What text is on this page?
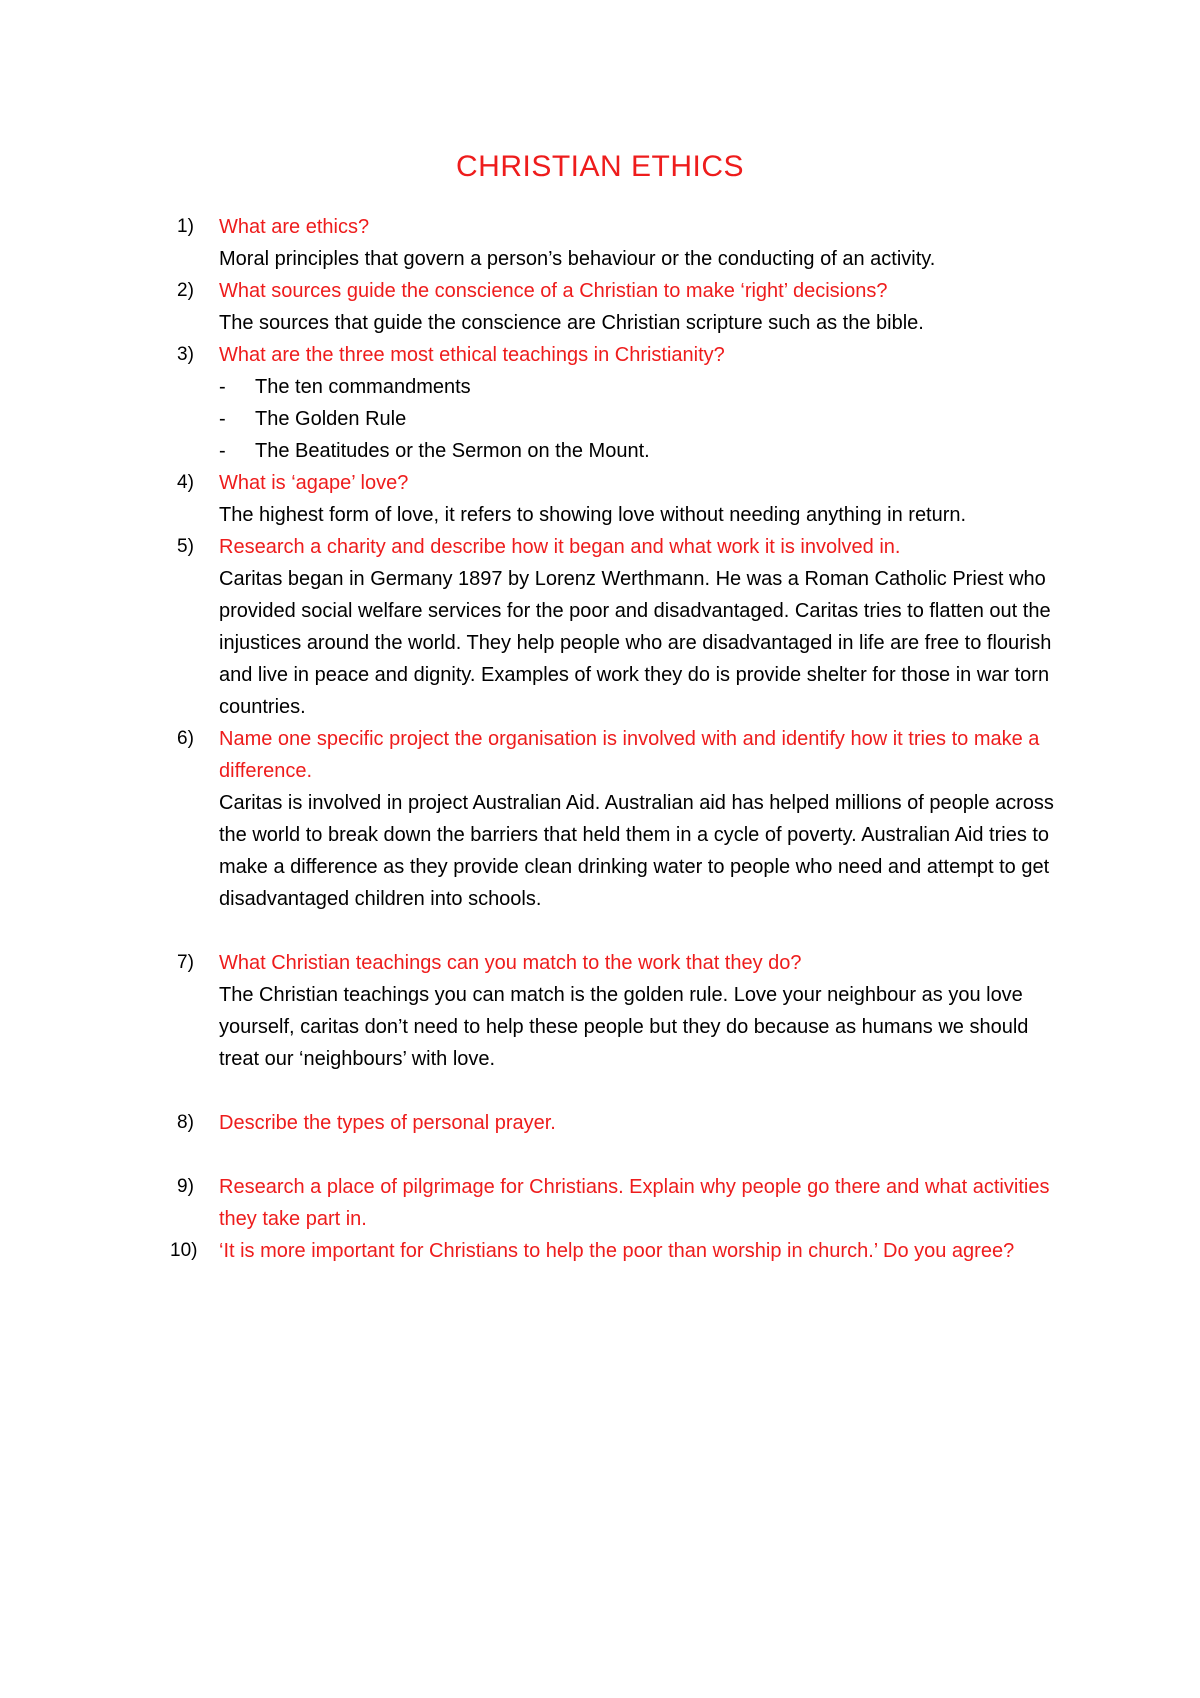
CHRISTIAN ETHICS
1) What are ethics?
Moral principles that govern a person’s behaviour or the conducting of an activity.
2) What sources guide the conscience of a Christian to make ‘right’ decisions?
The sources that guide the conscience are Christian scripture such as the bible.
3) What are the three most ethical teachings in Christianity?
- The ten commandments
- The Golden Rule
- The Beatitudes or the Sermon on the Mount.
4) What is ‘agape’ love?
The highest form of love, it refers to showing love without needing anything in return.
5) Research a charity and describe how it began and what work it is involved in.
Caritas began in Germany 1897 by Lorenz Werthmann. He was a Roman Catholic Priest who provided social welfare services for the poor and disadvantaged. Caritas tries to flatten out the injustices around the world. They help people who are disadvantaged in life are free to flourish and live in peace and dignity. Examples of work they do is provide shelter for those in war torn countries.
6) Name one specific project the organisation is involved with and identify how it tries to make a difference.
Caritas is involved in project Australian Aid. Australian aid has helped millions of people across the world to break down the barriers that held them in a cycle of poverty. Australian Aid tries to make a difference as they provide clean drinking water to people who need and attempt to get disadvantaged children into schools.
7) What Christian teachings can you match to the work that they do?
The Christian teachings you can match is the golden rule. Love your neighbour as you love yourself, caritas don’t need to help these people but they do because as humans we should treat our ‘neighbours’ with love.
8) Describe the types of personal prayer.
9) Research a place of pilgrimage for Christians. Explain why people go there and what activities they take part in.
10) ‘It is more important for Christians to help the poor than worship in church.’ Do you agree?
